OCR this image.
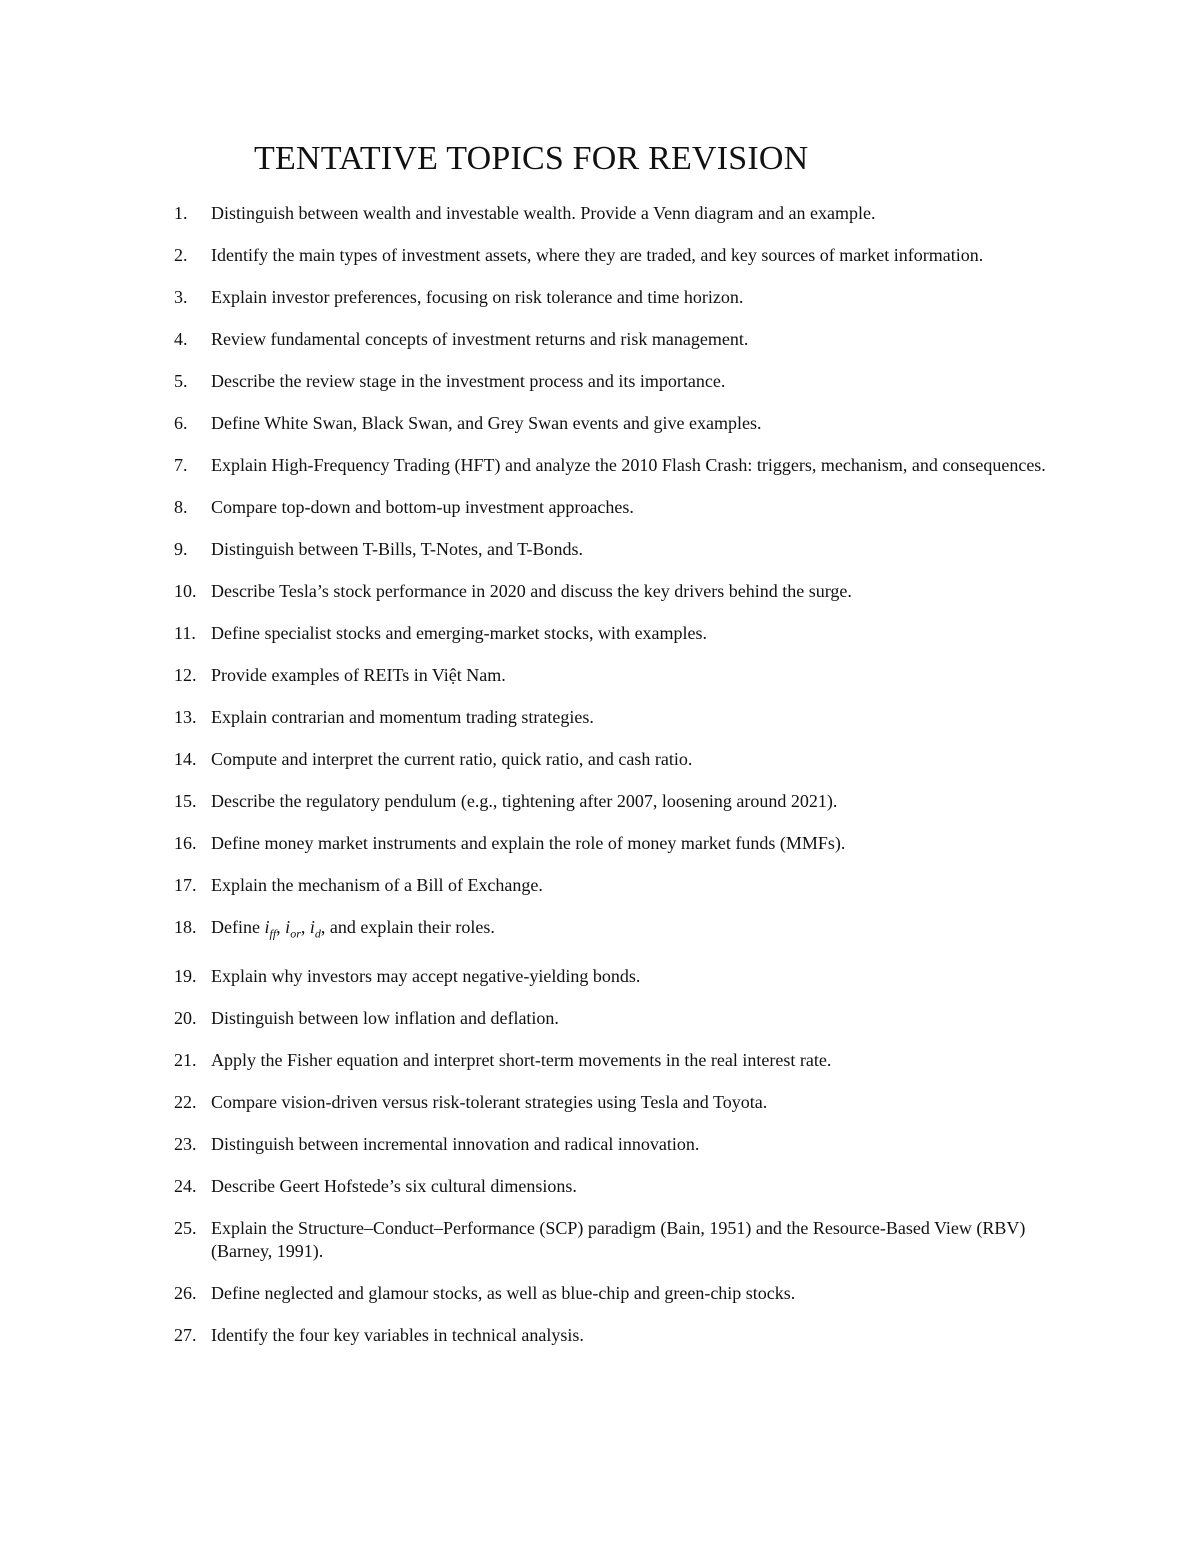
TENTATIVE TOPICS FOR REVISION
1. Distinguish between wealth and investable wealth. Provide a Venn diagram and an example.
2. Identify the main types of investment assets, where they are traded, and key sources of market information.
3. Explain investor preferences, focusing on risk tolerance and time horizon.
4. Review fundamental concepts of investment returns and risk management.
5. Describe the review stage in the investment process and its importance.
6. Define White Swan, Black Swan, and Grey Swan events and give examples.
7. Explain High-Frequency Trading (HFT) and analyze the 2010 Flash Crash: triggers, mechanism, and consequences.
8. Compare top-down and bottom-up investment approaches.
9. Distinguish between T-Bills, T-Notes, and T-Bonds.
10. Describe Tesla’s stock performance in 2020 and discuss the key drivers behind the surge.
11. Define specialist stocks and emerging-market stocks, with examples.
12. Provide examples of REITs in Việt Nam.
13. Explain contrarian and momentum trading strategies.
14. Compute and interpret the current ratio, quick ratio, and cash ratio.
15. Describe the regulatory pendulum (e.g., tightening after 2007, loosening around 2021).
16. Define money market instruments and explain the role of money market funds (MMFs).
17. Explain the mechanism of a Bill of Exchange.
18. Define $i_{ff}$, $i_{or}$, $i_d$, and explain their roles.
19. Explain why investors may accept negative-yielding bonds.
20. Distinguish between low inflation and deflation.
21. Apply the Fisher equation and interpret short-term movements in the real interest rate.
22. Compare vision-driven versus risk-tolerant strategies using Tesla and Toyota.
23. Distinguish between incremental innovation and radical innovation.
24. Describe Geert Hofstede’s six cultural dimensions.
25. Explain the Structure–Conduct–Performance (SCP) paradigm (Bain, 1951) and the Resource-Based View (RBV) (Barney, 1991).
26. Define neglected and glamour stocks, as well as blue-chip and green-chip stocks.
27. Identify the four key variables in technical analysis.
